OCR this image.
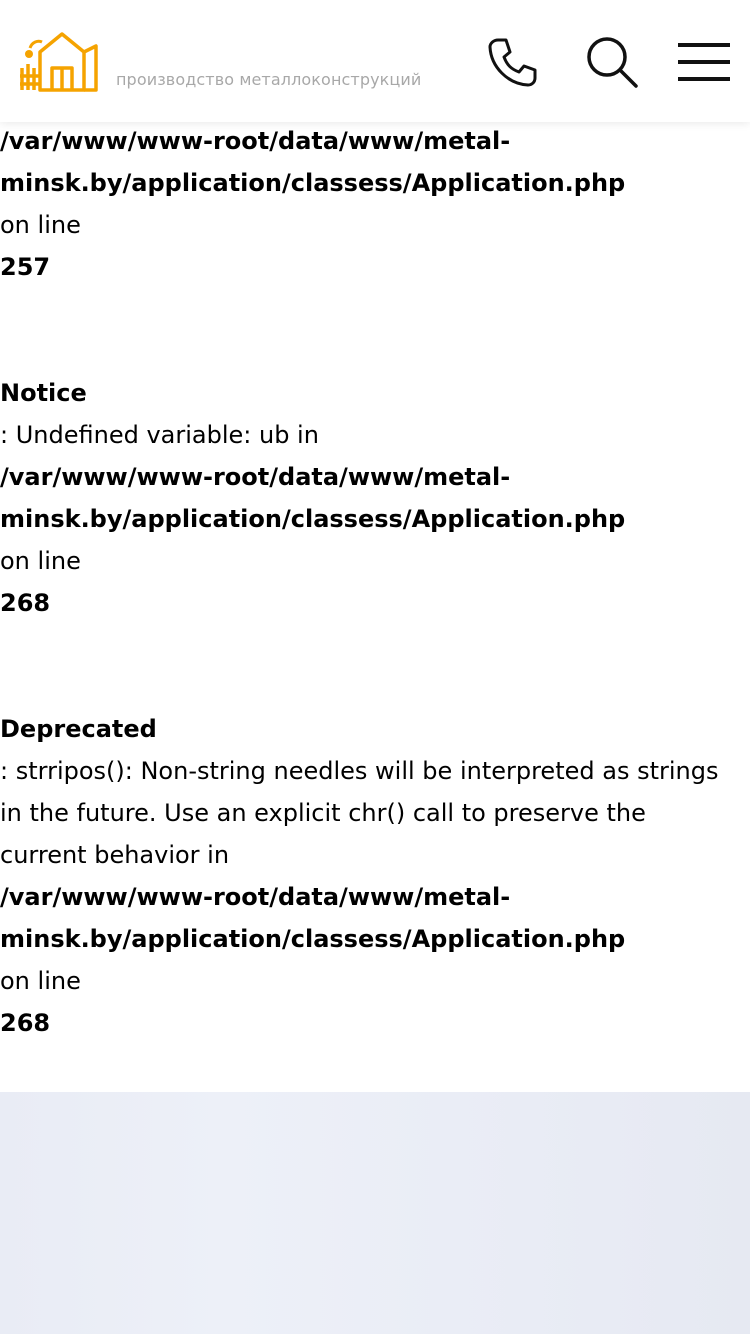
производство металлоконструкций
/var/www/www-root/data/www/metal-
minsk.by/application/classess/Application.php
on line
257
Notice
: Undefined variable: ub in
/var/www/www-root/data/www/metal-
minsk.by/application/classess/Application.php
on line
268
Deprecated
: strripos(): Non-string needles will be interpreted as strings
in the future. Use an explicit chr() call to preserve the
current behavior in
/var/www/www-root/data/www/metal-
minsk.by/application/classess/Application.php
on line
268
